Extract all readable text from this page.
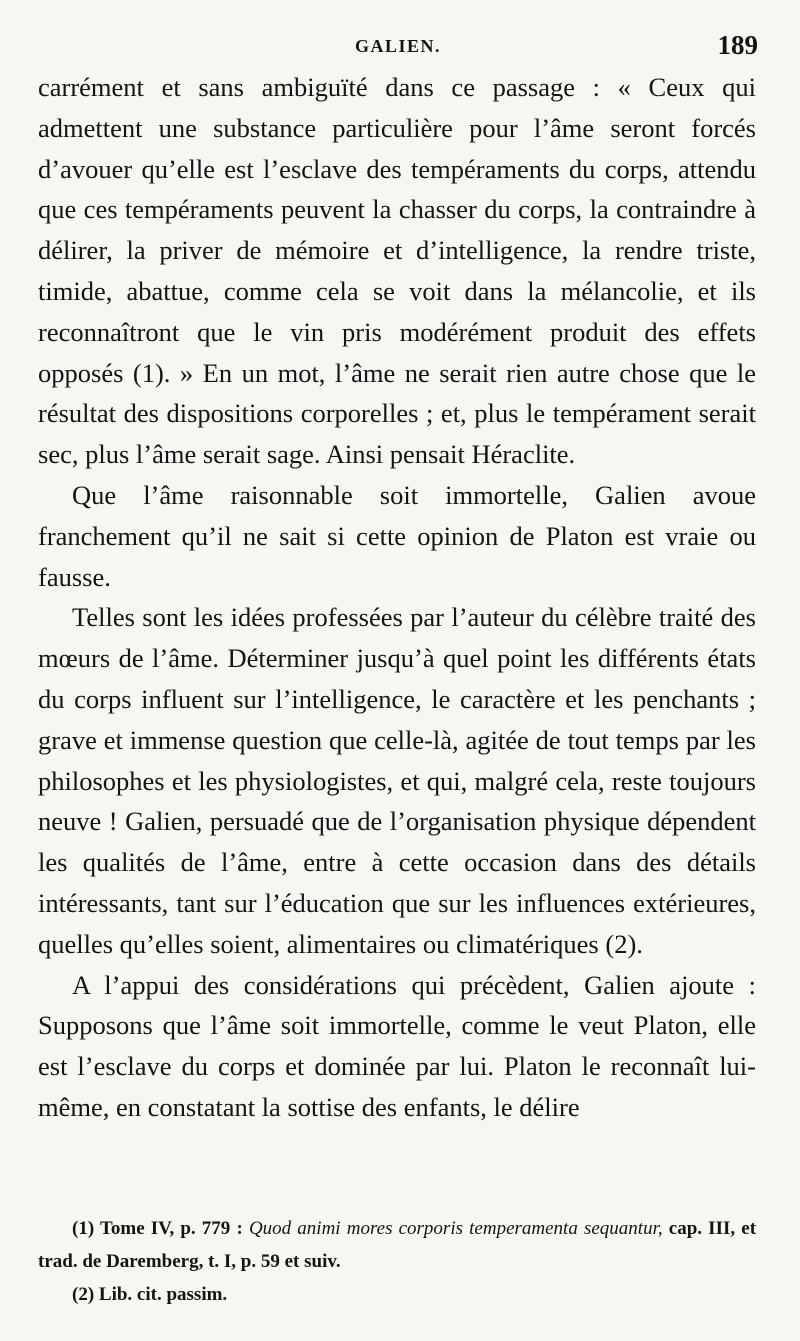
GALIEN.	189

carrément et sans ambiguïté dans ce passage : « Ceux qui admettent une substance particulière pour l’âme seront forcés d’avouer qu’elle est l’esclave des tempéraments du corps, attendu que ces tempéraments peuvent la chasser du corps, la contraindre à délirer, la priver de mémoire et d’intelligence, la rendre triste, timide, abattue, comme cela se voit dans la mélancolie, et ils reconnaîtront que le vin pris modérément produit des effets opposés (1). » En un mot, l’âme ne serait rien autre chose que le résultat des dispositions corporelles ; et, plus le tempérament serait sec, plus l’âme serait sage. Ainsi pensait Héraclite.

Que l’âme raisonnable soit immortelle, Galien avoue franchement qu’il ne sait si cette opinion de Platon est vraie ou fausse.

Telles sont les idées professées par l’auteur du célèbre traité des mœurs de l’âme. Déterminer jusqu’à quel point les différents états du corps influent sur l’intelligence, le caractère et les penchants ; grave et immense question que celle-là, agitée de tout temps par les philosophes et les physiologistes, et qui, malgré cela, reste toujours neuve ! Galien, persuadé que de l’organisation physique dépendent les qualités de l’âme, entre à cette occasion dans des détails intéressants, tant sur l’éducation que sur les influences extérieures, quelles qu’elles soient, alimentaires ou climatériques (2).

A l’appui des considérations qui précèdent, Galien ajoute : Supposons que l’âme soit immortelle, comme le veut Platon, elle est l’esclave du corps et dominée par lui. Platon le reconnaît lui-même, en constatant la sottise des enfants, le délire

(1) Tome IV, p. 779 : Quod animi mores corporis temperamenta sequantur, cap. III, et trad. de Daremberg, t. I, p. 59 et suiv.

(2) Lib. cit. passim.
